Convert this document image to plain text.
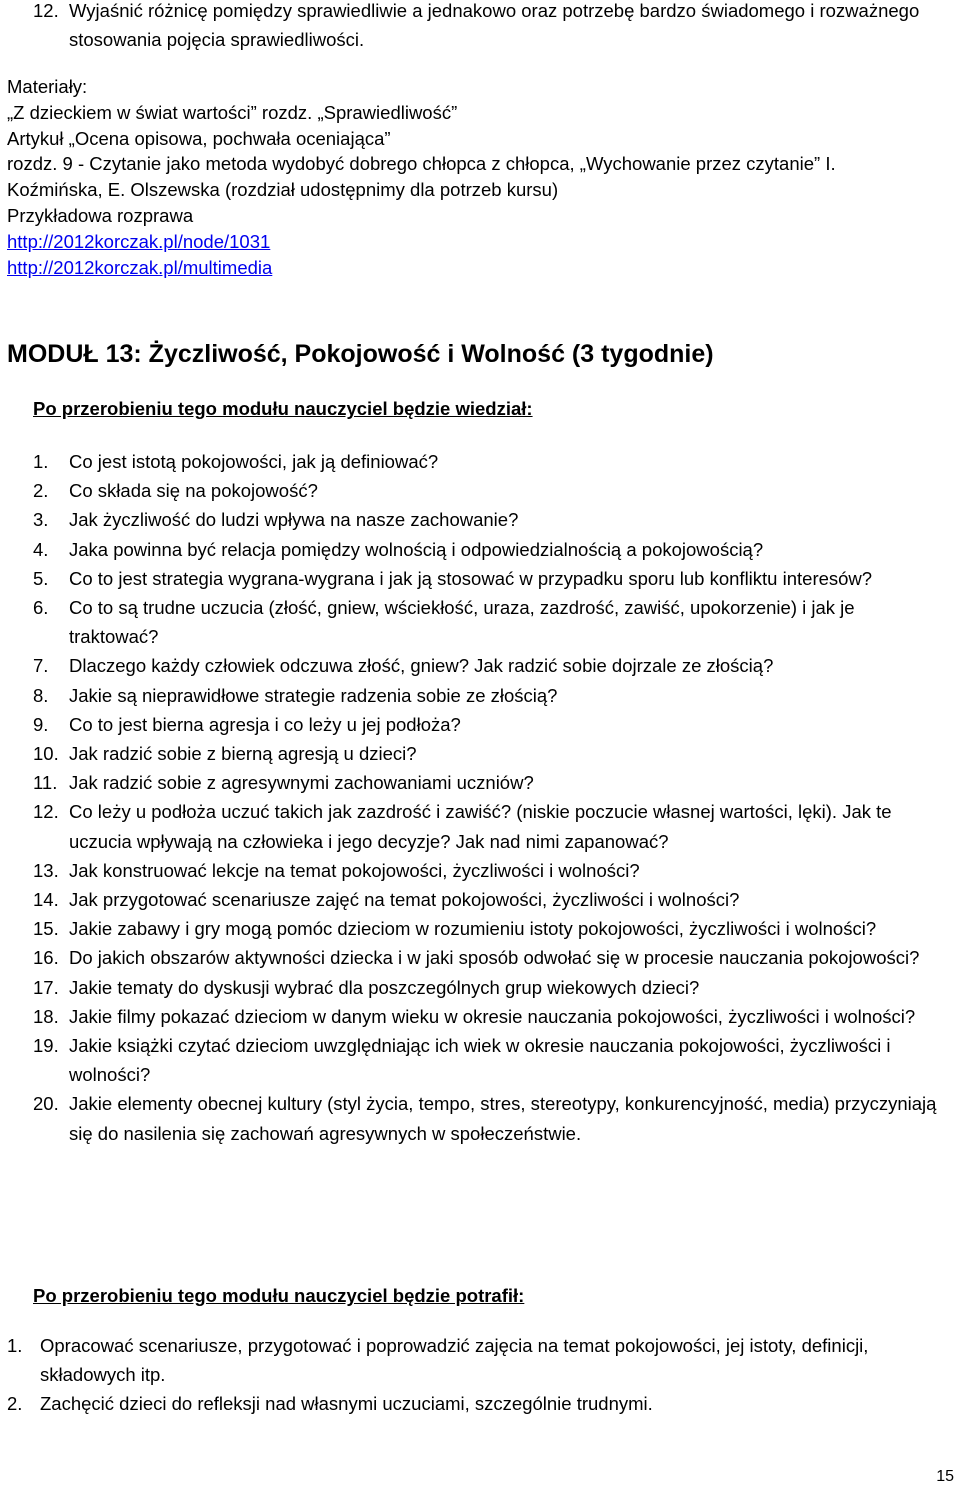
12. Wyjaśnić różnicę pomiędzy sprawiedliwie a jednakowo oraz potrzebę bardzo świadomego i rozważnego stosowania pojęcia sprawiedliwości.
Materiały:
„Z dzieckiem w świat wartości” rozdz. „Sprawiedliwość”
Artykuł „Ocena opisowa, pochwała oceniająca”
rozdz. 9 - Czytanie jako metoda wydobyć dobrego chłopca z chłopca, „Wychowanie przez czytanie” I. Koźmińska, E. Olszewska (rozdział udostępnimy dla potrzeb kursu)
Przykładowa rozprawa
http://2012korczak.pl/node/1031
http://2012korczak.pl/multimedia
MODUŁ 13: Życzliwość, Pokojowość i Wolność (3 tygodnie)
Po przerobieniu tego modułu nauczyciel będzie wiedział:
1. Co jest istotą pokojowości, jak ją definiować?
2. Co składa się na pokojowość?
3. Jak życzliwość do ludzi wpływa na nasze zachowanie?
4. Jaka powinna być relacja pomiędzy wolnością i odpowiedzialnością a pokojowością?
5. Co to jest strategia wygrana-wygrana i jak ją stosować w przypadku sporu lub konfliktu interesów?
6. Co to są trudne uczucia (złość, gniew, wściekłość, uraza, zazdrość, zawiść, upokorzenie) i jak je traktować?
7. Dlaczego każdy człowiek odczuwa złość, gniew? Jak radzić sobie dojrzale ze złością?
8. Jakie są nieprawidłowe strategie radzenia sobie ze złością?
9. Co to jest bierna agresja i co leży u jej podłoża?
10. Jak radzić sobie z bierną agresją u dzieci?
11. Jak radzić sobie z agresywnymi zachowaniami uczniów?
12. Co leży u podłoża uczuć takich jak zazdrość i zawiść? (niskie poczucie własnej wartości, lęki). Jak te uczucia wpływają na człowieka i jego decyzje? Jak nad nimi zapanować?
13. Jak konstruować lekcje na temat pokojowości, życzliwości i wolności?
14. Jak przygotować scenariusze zajęć na temat pokojowości, życzliwości i wolności?
15. Jakie zabawy i gry mogą pomóc dzieciom w rozumieniu istoty pokojowości, życzliwości i wolności?
16. Do jakich obszarów aktywności dziecka i w jaki sposób odwołać się w procesie nauczania pokojowości?
17. Jakie tematy do dyskusji wybrać dla poszczególnych grup wiekowych dzieci?
18. Jakie filmy pokazać dzieciom w danym wieku w okresie nauczania pokojowości, życzliwości i wolności?
19. Jakie książki czytać dzieciom uwzględniając ich wiek w okresie nauczania pokojowości, życzliwości i wolności?
20. Jakie elementy obecnej kultury (styl życia, tempo, stres, stereotypy, konkurencyjność, media) przyczyniają się do nasilenia się zachowań agresywnych w społeczeństwie.
Po przerobieniu tego modułu nauczyciel będzie potrafił:
1. Opracować scenariusze, przygotować i poprowadzić zajęcia na temat pokojowości, jej istoty, definicji, składowych itp.
2. Zachęcić dzieci do refleksji nad własnymi uczuciami, szczególnie trudnymi.
15
